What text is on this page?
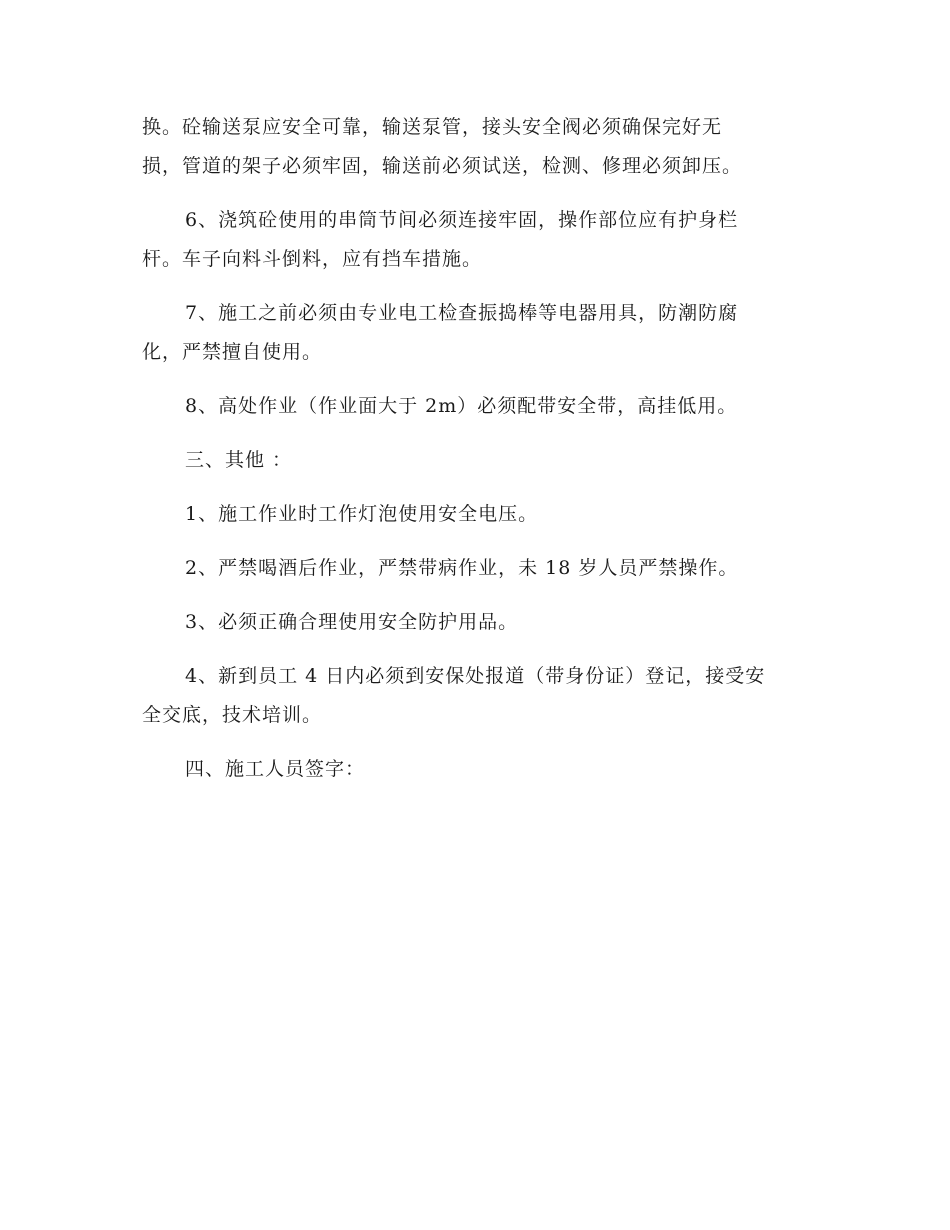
换。砼输送泵应安全可靠，输送泵管，接头安全阀必须确保完好无
损，管道的架子必须牢固，输送前必须试送，检测、修理必须卸压。
6、浇筑砼使用的串筒节间必须连接牢固，操作部位应有护身栏
杆。车子向料斗倒料，应有挡车措施。
7、施工之前必须由专业电工检查振捣棒等电器用具，防潮防腐
化，严禁擅自使用。
8、高处作业（作业面大于 2m）必须配带安全带，高挂低用。
三、其他 ：
1、施工作业时工作灯泡使用安全电压。
2、严禁喝酒后作业，严禁带病作业，未 18 岁人员严禁操作。
3、必须正确合理使用安全防护用品。
4、新到员工 4 日内必须到安保处报道（带身份证）登记，接受安
全交底，技术培训。
四、施工人员签字：
